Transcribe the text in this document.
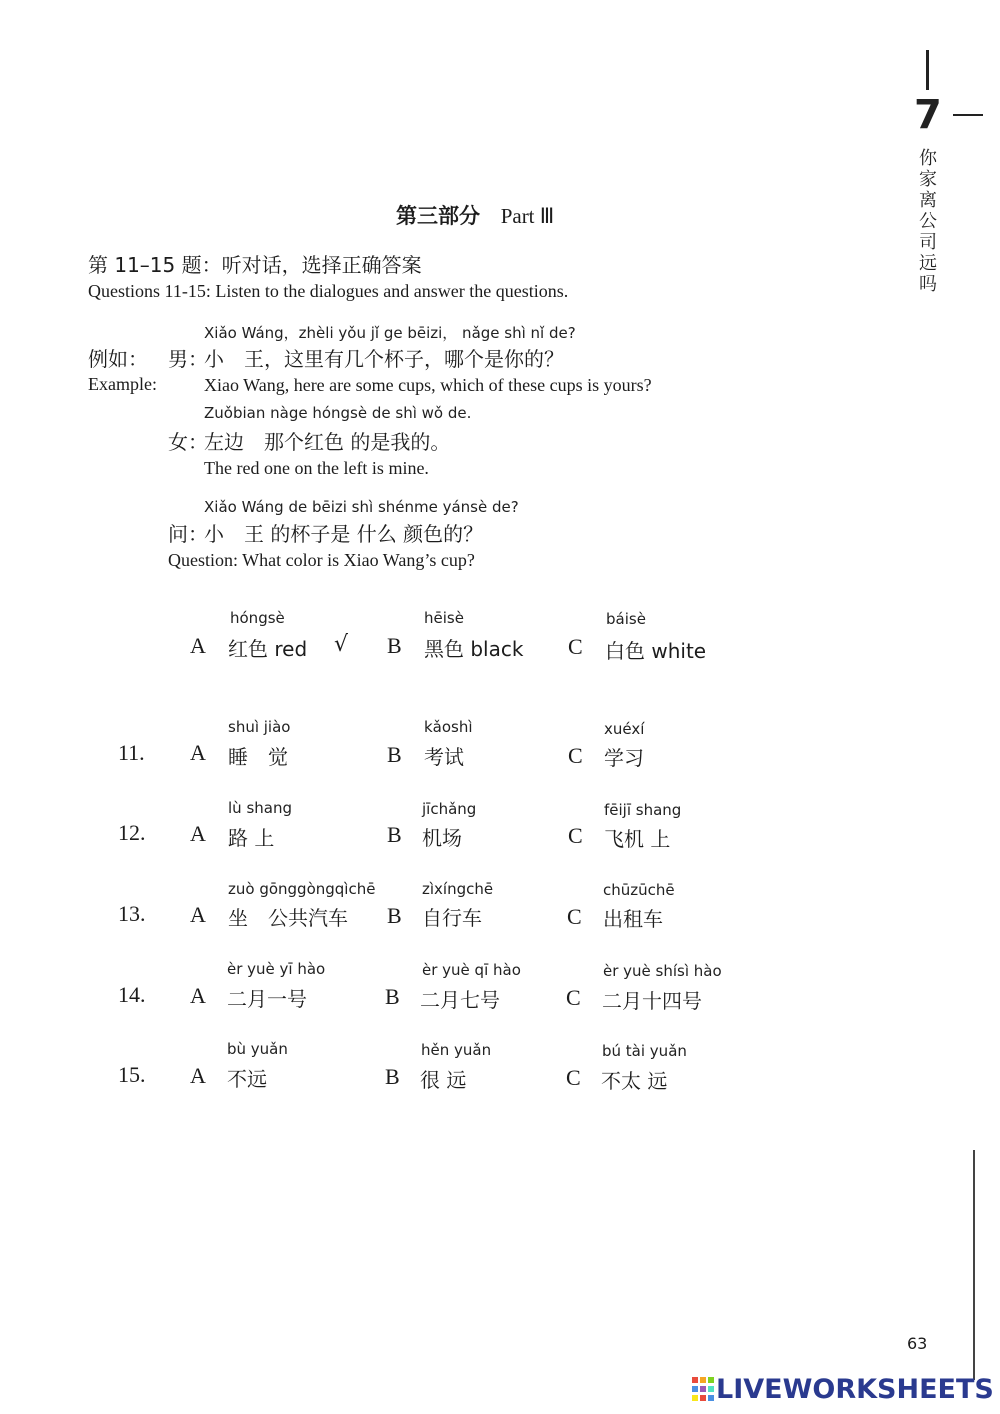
7
你
家
离
公
司
远
吗
第三部分 Part Ⅲ
第 11–15 题：听对话，选择正确答案
Questions 11-15: Listen to the dialogues and answer the questions.
Xiǎo Wáng，zhèli yǒu jǐ ge bēizi， nǎge shì nǐ de?
例如： 男：
小　王，这里有几个杯子，哪个是你的？
Example:	Xiao Wang, here are some cups, which of these cups is yours?
Zuǒbian nàge hóngsè de shì wǒ de.
女：
左边　那个红色 的是我的。
The red one on the left is mine.
Xiǎo Wáng de bēizi shì shénme yánsè de?
问：
小　王 的杯子是 什么 颜色的？
Question: What color is Xiao Wang’s cup?
hóngsè
A 红色 red √
hēisè
B 黑色 black
báisè
C 白色 white
11.
shuì jiào
A 睡　觉
kǎoshì
B 考试
xuéxí
C 学习
12.
lù shang
A 路 上
jīchǎng
B 机场
fēijī shang
C 飞机 上
13.
zuò gōnggòngqìchē
A 坐　公共汽车
zìxíngchē
B 自行车
chūzūchē
C 出租车
14.
èr yuè yī hào
A 二月一号
èr yuè qī hào
B 二月七号
èr yuè shísì hào
C 二月十四号
15.
bù yuǎn
A 不远
hěn yuǎn
B 很 远
bú tài yuǎn
C 不太 远
63
LIVEWORKSHEETS
